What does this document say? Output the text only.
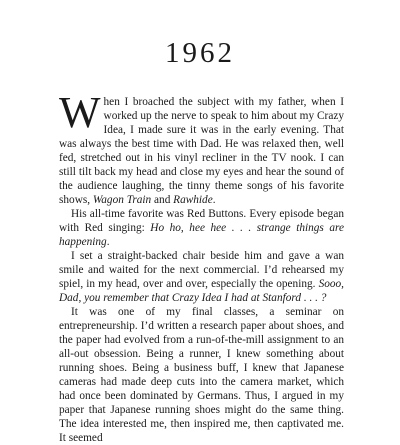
1962

When I broached the subject with my father, when I worked up the nerve to speak to him about my Crazy Idea, I made sure it was in the early evening. That was always the best time with Dad. He was relaxed then, well fed, stretched out in his vinyl recliner in the TV nook. I can still tilt back my head and close my eyes and hear the sound of the audience laughing, the tinny theme songs of his favorite shows, Wagon Train and Rawhide.

His all-time favorite was Red Buttons. Every episode began with Red singing: Ho ho, hee hee . . . strange things are happening.

I set a straight-backed chair beside him and gave a wan smile and waited for the next commercial. I’d rehearsed my spiel, in my head, over and over, especially the opening. Sooo, Dad, you remember that Crazy Idea I had at Stanford . . . ?

It was one of my final classes, a seminar on entrepreneurship. I’d written a research paper about shoes, and the paper had evolved from a run-of-the-mill assignment to an all-out obsession. Being a runner, I knew something about running shoes. Being a business buff, I knew that Japanese cameras had made deep cuts into the camera market, which had once been dominated by Germans. Thus, I argued in my paper that Japanese running shoes might do the same thing. The idea interested me, then inspired me, then captivated me. It seemed
